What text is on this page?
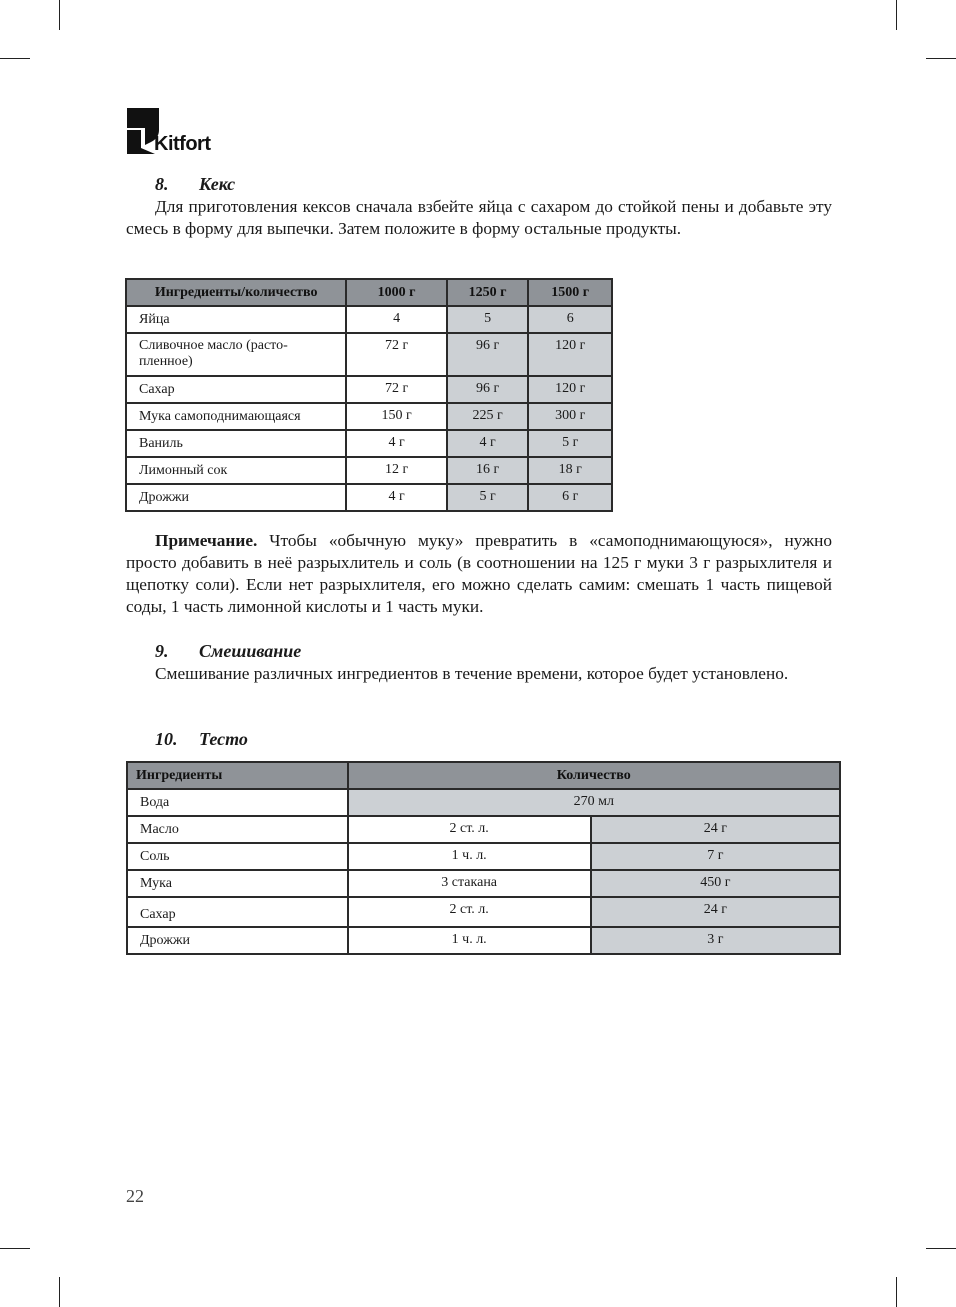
Kitfort
8. Кекс
Для приготовления кексов сначала взбейте яйца с сахаром до стойкой пены и добавьте эту смесь в форму для выпечки. Затем положите в форму остальные продукты.
Ингредиенты/количество	1000 г	1250 г	1500 г
Яйца	4	5	6
Сливочное масло (расто-пленное)	72 г	96 г	120 г
Сахар	72 г	96 г	120 г
Мука самоподнимающаяся	150 г	225 г	300 г
Ваниль	4 г	4 г	5 г
Лимонный сок	12 г	16 г	18 г
Дрожжи	4 г	5 г	6 г
Примечание. Чтобы «обычную муку» превратить в «самоподнимающуюся», нужно просто добавить в неё разрыхлитель и соль (в соотношении на 125 г муки 3 г разрыхлителя и щепотку соли). Если нет разрыхлителя, его можно сделать самим: смешать 1 часть пищевой соды, 1 часть лимонной кислоты и 1 часть муки.
9. Смешивание
Смешивание различных ингредиентов в течение времени, которое будет установлено.
10. Тесто
Ингредиенты	Количество	
Вода	270 мл	
Масло	2 ст. л.	24 г
Соль	1 ч. л.	7 г
Мука	3 стакана	450 г
Сахар	2 ст. л.	24 г
Дрожжи	1 ч. л.	3 г
22
